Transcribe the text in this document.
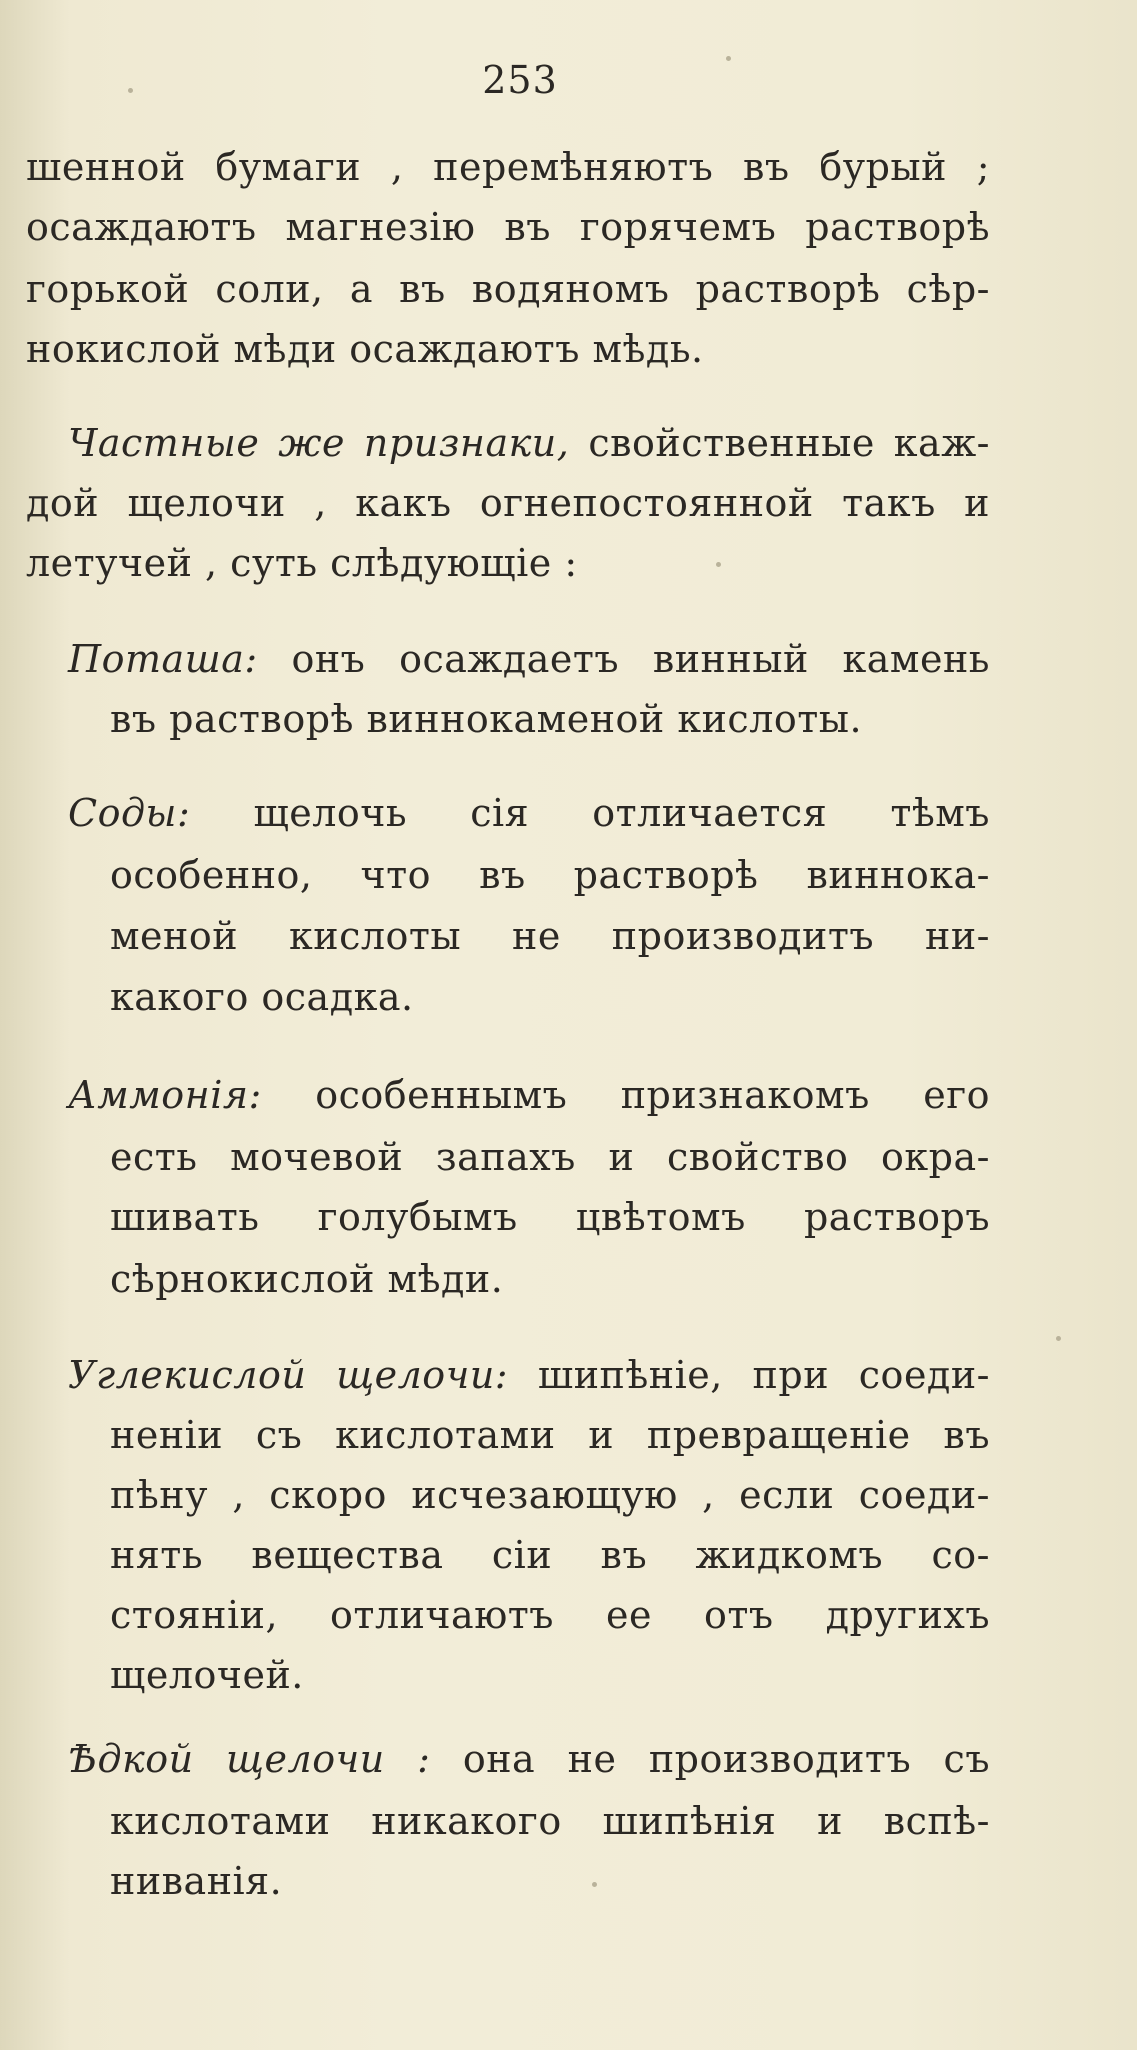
253
шенной бумаги , перемѣняютъ въ бурый ;
осаждаютъ магнезію въ горячемъ растворѣ
горькой соли, а въ водяномъ растворѣ сѣр-
нокислой мѣди осаждаютъ мѣдь.
Частные же признаки, свойственные каж-
дой щелочи , какъ огнепостоянной такъ и
летучей , суть слѣдующіе :
Поташа: онъ осаждаетъ винный камень
въ растворѣ виннокаменой кислоты.
Соды: щелочь сія отличается тѣмъ
особенно, что въ растворѣ виннока-
меной кислоты не производитъ ни-
какого осадка.
Аммонія: особеннымъ признакомъ его
есть мочевой запахъ и свойство окра-
шивать голубымъ цвѣтомъ растворъ
сѣрнокислой мѣди.
Углекислой щелочи: шипѣніе, при соеди-
неніи съ кислотами и превращеніе въ
пѣну , скоро исчезающую , если соеди-
нять вещества сіи въ жидкомъ со-
стояніи, отличаютъ ее отъ другихъ
щелочей.
Ѣдкой щелочи : она не производитъ съ
кислотами никакого шипѣнія и вспѣ-
ниванія.
